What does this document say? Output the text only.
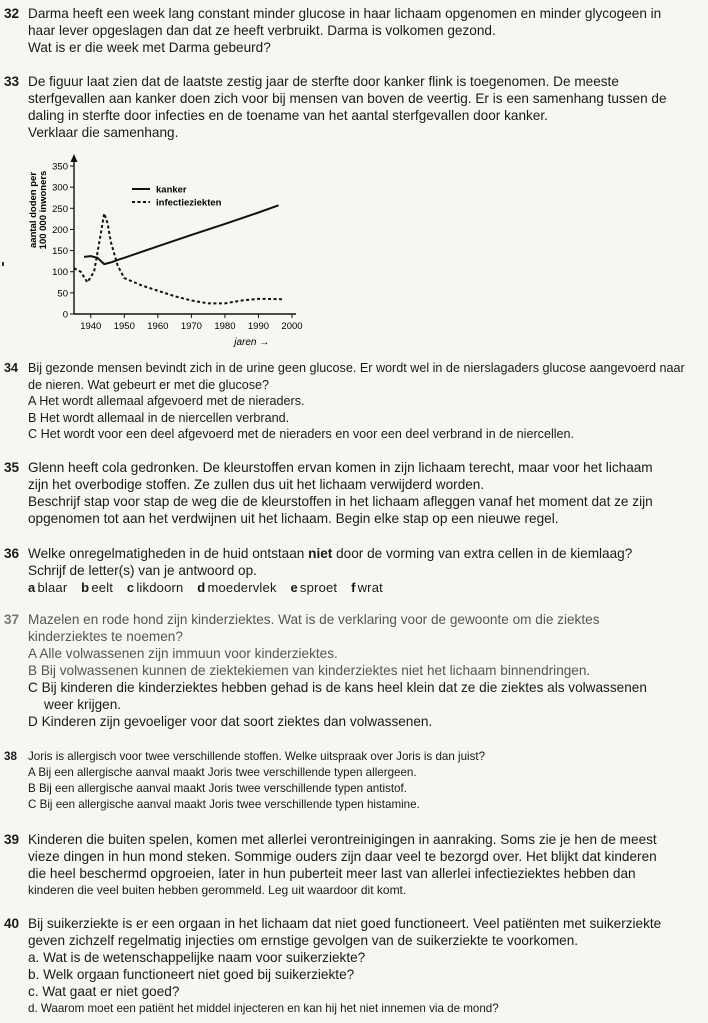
32 Darma heeft een week lang constant minder glucose in haar lichaam opgenomen en minder glycogeen in
haar lever opgeslagen dan dat ze heeft verbruikt. Darma is volkomen gezond.
Wat is er die week met Darma gebeurd?
33 De figuur laat zien dat de laatste zestig jaar de sterfte door kanker flink is toegenomen. De meeste
sterfgevallen aan kanker doen zich voor bij mensen van boven de veertig. Er is een samenhang tussen de
daling in sterfte door infecties en de toename van het aantal sterfgevallen door kanker.
Verklaar die samenhang.
0
50
100
150
200
250
300
350
1940 1950 1960 1970 1980 1990 2000
jaren →
aantal doden per100 000 inwoners	kanker
infectieziekten
34 Bij gezonde mensen bevindt zich in de urine geen glucose. Er wordt wel in de nierslagaders glucose aangevoerd naar
de nieren. Wat gebeurt er met die glucose?
A Het wordt allemaal afgevoerd met de nieraders.
B Het wordt allemaal in de niercellen verbrand.
C Het wordt voor een deel afgevoerd met de nieraders en voor een deel verbrand in de niercellen.
35 Glenn heeft cola gedronken. De kleurstoffen ervan komen in zijn lichaam terecht, maar voor het lichaam
zijn het overbodige stoffen. Ze zullen dus uit het lichaam verwijderd worden.
Beschrijf stap voor stap de weg die de kleurstoffen in het lichaam afleggen vanaf het moment dat ze zijn
opgenomen tot aan het verdwijnen uit het lichaam. Begin elke stap op een nieuwe regel.
36 Welke onregelmatigheden in de huid ontstaan niet door de vorming van extra cellen in de kiemlaag?
Schrijf de letter(s) van je antwoord op.
a blaar b eelt c likdoorn d moedervlek e sproet f wrat
37 Mazelen en rode hond zijn kinderziektes. Wat is de verklaring voor de gewoonte om die ziektes
kinderziektes te noemen?
A Alle volwassenen zijn immuun voor kinderziektes.
B Bij volwassenen kunnen de ziektekiemen van kinderziektes niet het lichaam binnendringen.
C Bij kinderen die kinderziektes hebben gehad is de kans heel klein dat ze die ziektes als volwassenen
weer krijgen.
D Kinderen zijn gevoeliger voor dat soort ziektes dan volwassenen.
38 Joris is allergisch voor twee verschillende stoffen. Welke uitspraak over Joris is dan juist?
A Bij een allergische aanval maakt Joris twee verschillende typen allergeen.
B Bij een allergische aanval maakt Joris twee verschillende typen antistof.
C Bij een allergische aanval maakt Joris twee verschillende typen histamine.
39 Kinderen die buiten spelen, komen met allerlei verontreinigingen in aanraking. Soms zie je hen de meest
vieze dingen in hun mond steken. Sommige ouders zijn daar veel te bezorgd over. Het blijkt dat kinderen
die heel beschermd opgroeien, later in hun puberteit meer last van allerlei infectieziektes hebben dan
kinderen die veel buiten hebben gerommeld. Leg uit waardoor dit komt.
40 Bij suikerziekte is er een orgaan in het lichaam dat niet goed functioneert. Veel patiënten met suikerziekte
geven zichzelf regelmatig injecties om ernstige gevolgen van de suikerziekte te voorkomen.
a. Wat is de wetenschappelijke naam voor suikerziekte?
b. Welk orgaan functioneert niet goed bij suikerziekte?
c. Wat gaat er niet goed?
d. Waarom moet een patiënt het middel injecteren en kan hij het niet innemen via de mond?
